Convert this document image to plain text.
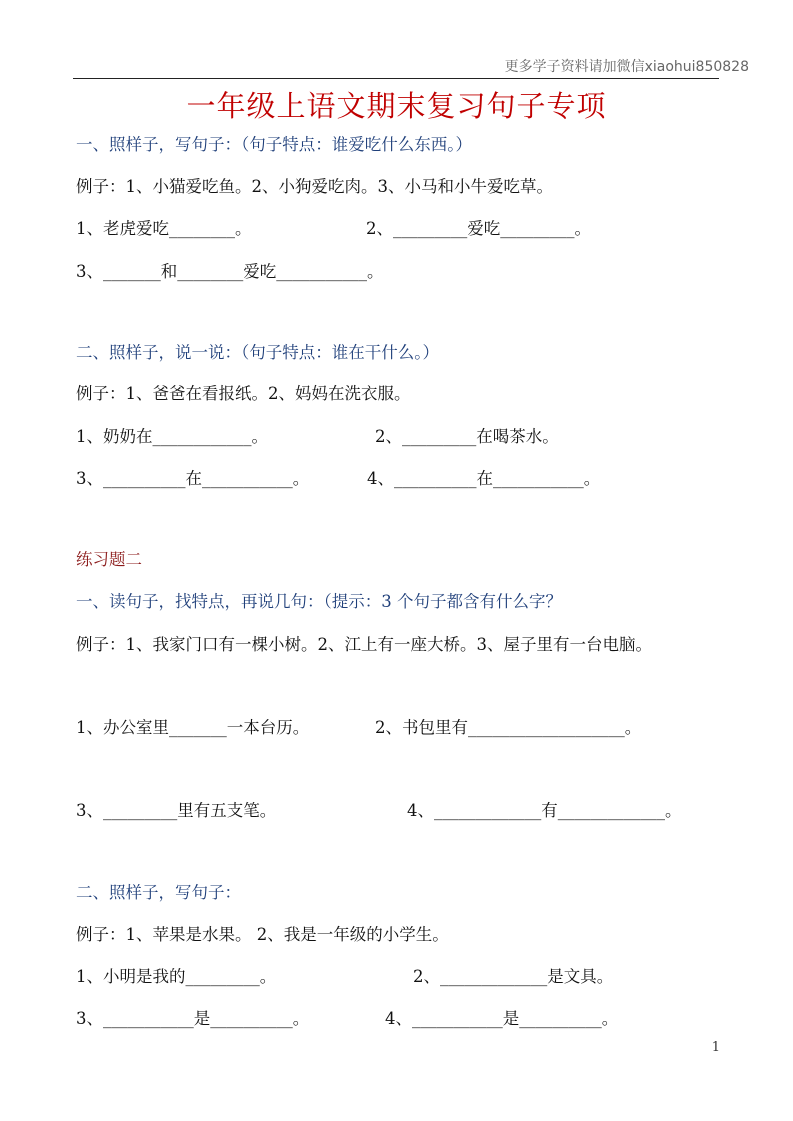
更多学子资料请加微信xiaohui850828
一年级上语文期末复习句子专项
一、照样子，写句子：（句子特点：谁爱吃什么东西。）
例子：1、小猫爱吃鱼。2、小狗爱吃肉。3、小马和小牛爱吃草。
1、老虎爱吃________。	2、_________爱吃_________。
3、_______和________爱吃___________。
二、照样子，说一说：（句子特点：谁在干什么。）
例子：1、爸爸在看报纸。2、妈妈在洗衣服。
1、奶奶在____________。	2、_________在喝茶水。
3、__________在___________。	4、__________在___________。
练习题二
一、读句子，找特点，再说几句：（提示：3 个句子都含有什么字？
例子：1、我家门口有一棵小树。2、江上有一座大桥。3、屋子里有一台电脑。
1、办公室里_______一本台历。	2、书包里有___________________。
3、_________里有五支笔。	4、_____________有_____________。
二、照样子，写句子：
例子：1、苹果是水果。 2、我是一年级的小学生。
1、小明是我的_________。	2、_____________是文具。
3、___________是__________。	4、___________是__________。
1
